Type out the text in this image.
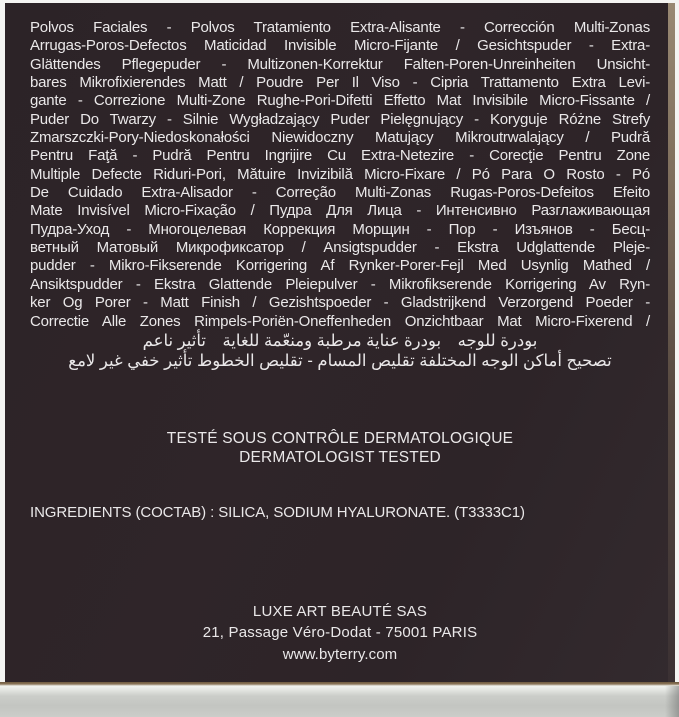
Polvos Faciales - Polvos Tratamiento Extra-Alisante - Corrección Multi-Zonas
Arrugas-Poros-Defectos Maticidad Invisible Micro-Fijante / Gesichtspuder - Extra-
Glättendes Pflegepuder - Multizonen-Korrektur Falten-Poren-Unreinheiten Unsicht-
bares Mikrofixierendes Matt / Poudre Per Il Viso - Cipria Trattamento Extra Levi-
gante - Correzione Multi-Zone Rughe-Pori-Difetti Effetto Mat Invisibile Micro-Fissante /
Puder Do Twarzy - Silnie Wygładzający Puder Pielęgnujący - Koryguje Różne Strefy
Zmarszczki-Pory-Niedoskonałości Niewidoczny Matujący Mikroutrwalający / Pudră
Pentru Faţă - Pudră Pentru Ingrijire Cu Extra-Netezire - Corecţie Pentru Zone
Multiple Defecte Riduri-Pori, Mătuire Invizibilă Micro-Fixare / Pó Para O Rosto - Pó
De Cuidado Extra-Alisador - Correção Multi-Zonas Rugas-Poros-Defeitos Efeito
Mate Invisível Micro-Fixação / Пудра Для Лица - Интенсивно Разглаживающая
Пудра-Уход - Многоцелевая Коррекция Морщин - Пор - Изъянов - Бесц-
ветный Матовый Микрофиксатор / Ansigtspudder - Ekstra Udglattende Pleje-
pudder - Mikro-Fikserende Korrigering Af Rynker-Porer-Fejl Med Usynlig Mathed /
Ansiktspudder - Ekstra Glattende Pleiepulver - Mikrofikserende Korrigering Av Ryn-
ker Og Porer - Matt Finish / Gezishtspoeder - Gladstrijkend Verzorgend Poeder -
Correctie Alle Zones Rimpels-Poriën-Oneffenheden Onzichtbaar Mat Micro-Fixerend /
بودرة للوجه  بودرة عناية مرطبة ومنعّمة للغاية  تأثير ناعم
تصحيح أماكن الوجه المختلفة تقليص المسام - تقليص الخطوط تأثير خفي غير لامع
TESTÉ SOUS CONTRÔLE DERMATOLOGIQUE
DERMATOLOGIST TESTED
INGREDIENTS (COCTAB) : SILICA, SODIUM HYALURONATE. (T3333C1)
LUXE ART BEAUTÉ SAS
21, Passage Véro-Dodat - 75001 PARIS
www.byterry.com
